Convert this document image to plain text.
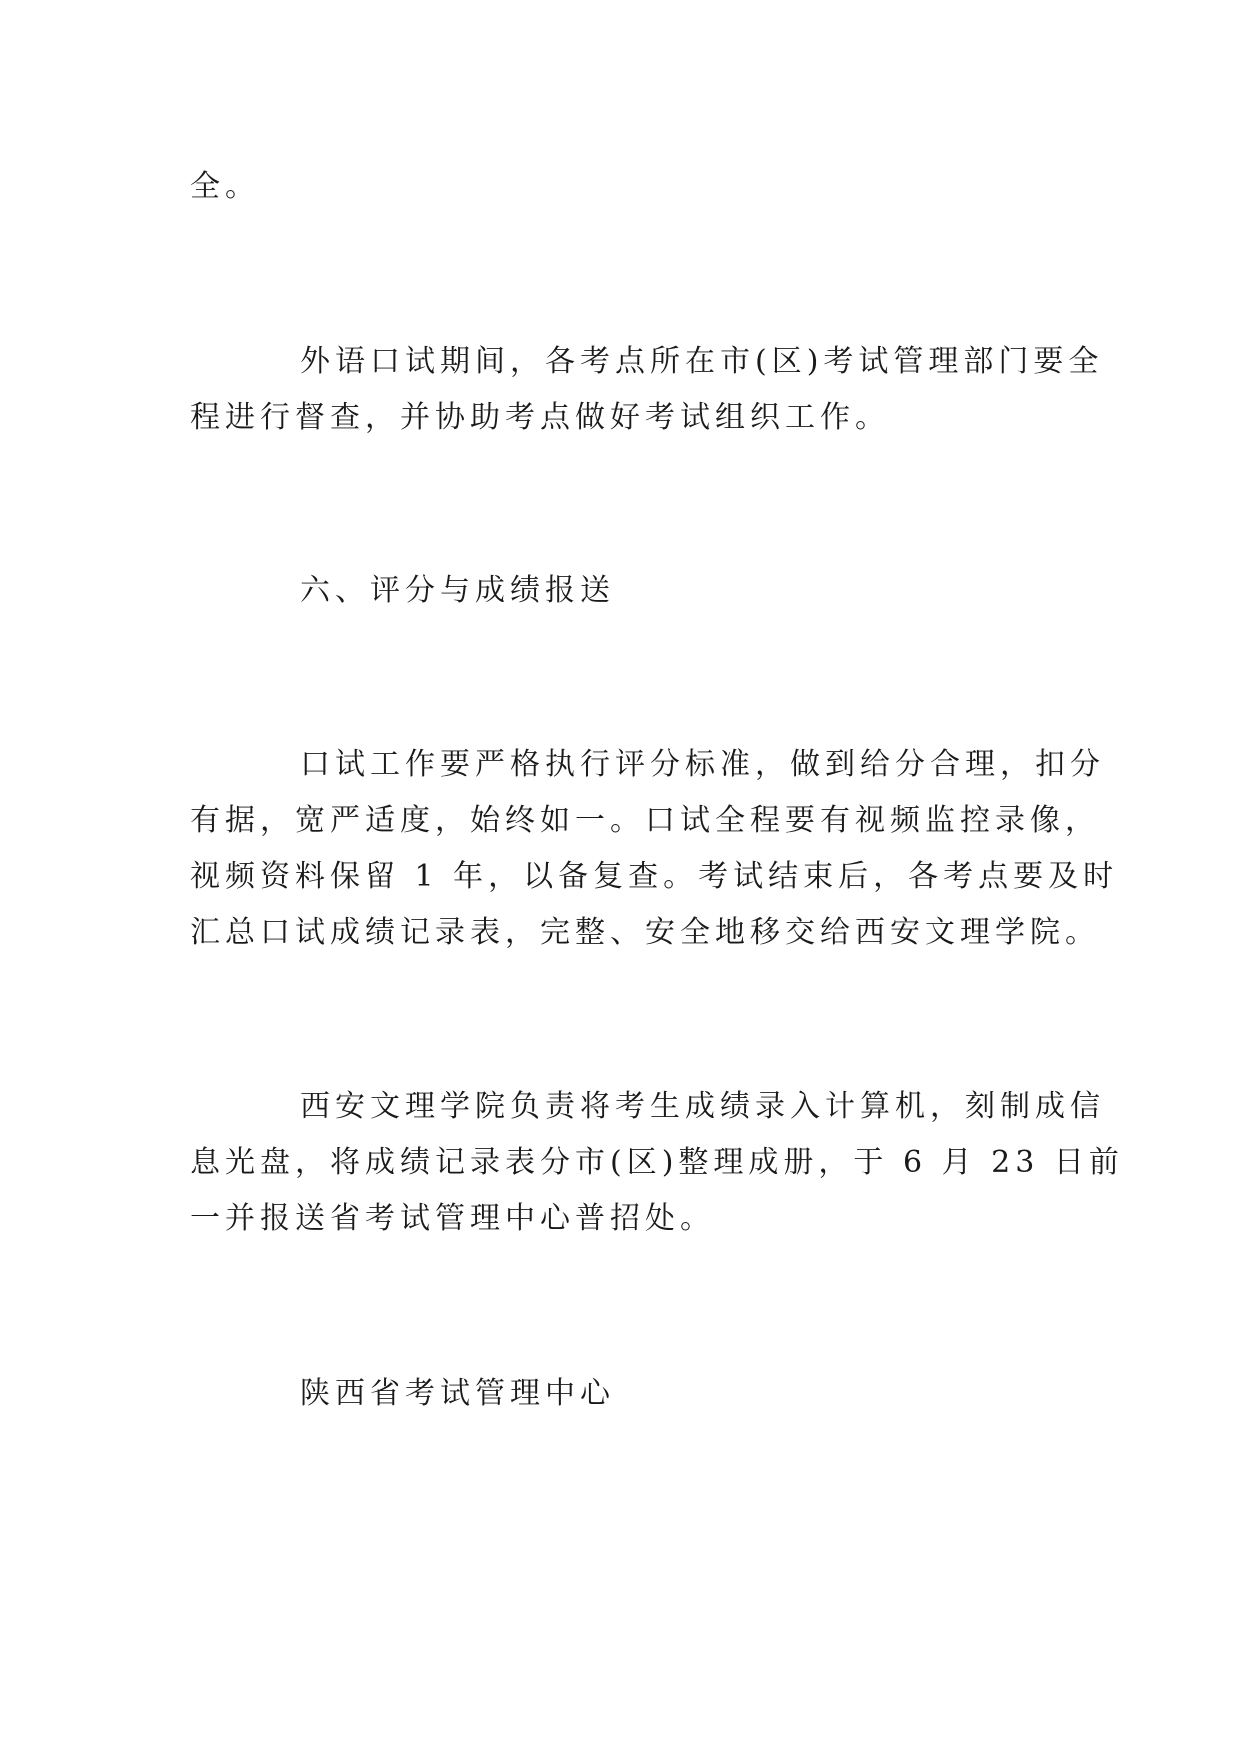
全。
外语口试期间，各考点所在市(区)考试管理部门要全
程进行督查，并协助考点做好考试组织工作。
六、评分与成绩报送
口试工作要严格执行评分标准，做到给分合理，扣分
有据，宽严适度，始终如一。口试全程要有视频监控录像，
视频资料保留 1 年，以备复查。考试结束后，各考点要及时
汇总口试成绩记录表，完整、安全地移交给西安文理学院。
西安文理学院负责将考生成绩录入计算机，刻制成信
息光盘，将成绩记录表分市(区)整理成册，于 6 月 23 日前
一并报送省考试管理中心普招处。
陕西省考试管理中心
